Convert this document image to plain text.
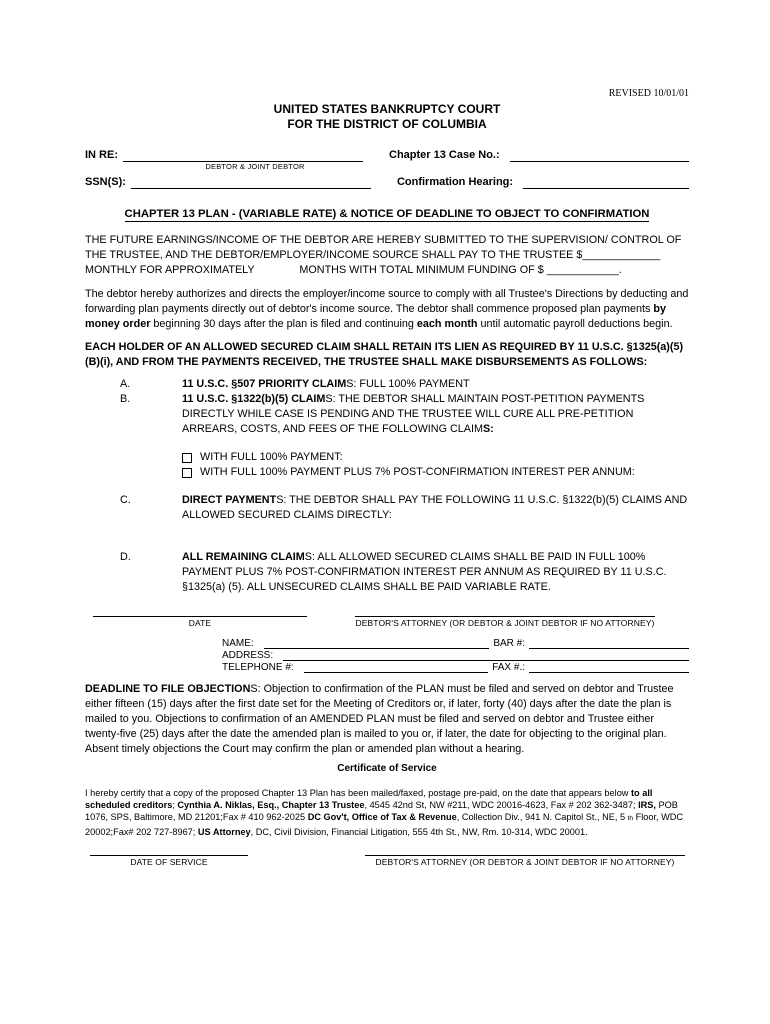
REVISED 10/01/01
UNITED STATES BANKRUPTCY COURT
FOR THE DISTRICT OF COLUMBIA
IN RE:	Chapter 13 Case No.:
DEBTOR & JOINT DEBTOR
SSN(S):	Confirmation Hearing:
CHAPTER 13 PLAN - (VARIABLE RATE) & NOTICE OF DEADLINE TO OBJECT TO CONFIRMATION

THE FUTURE EARNINGS/INCOME OF THE DEBTOR ARE HEREBY SUBMITTED TO THE SUPERVISION/ CONTROL OF THE TRUSTEE, AND THE DEBTOR/EMPLOYER/INCOME SOURCE SHALL PAY TO THE TRUSTEE $_____________ MONTHLY FOR APPROXIMATELY               MONTHS WITH TOTAL MINIMUM FUNDING OF $ ____________.

The debtor hereby authorizes and directs the employer/income source to comply with all Trustee's Directions by deducting and forwarding plan payments directly out of debtor's income source. The debtor shall commence proposed plan payments by money order beginning 30 days after the plan is filed and continuing each month until automatic payroll deductions begin.

EACH HOLDER OF AN ALLOWED SECURED CLAIM SHALL RETAIN ITS LIEN AS REQUIRED BY 11 U.S.C. §1325(a)(5)(B)(i), AND FROM THE PAYMENTS RECEIVED, THE TRUSTEE SHALL MAKE DISBURSEMENTS AS FOLLOWS:

A.	11 U.S.C. §507 PRIORITY CLAIMS: FULL 100% PAYMENT
B.	11 U.S.C. §1322(b)(5) CLAIMS: THE DEBTOR SHALL MAINTAIN POST-PETITION PAYMENTS DIRECTLY WHILE CASE IS PENDING AND THE TRUSTEE WILL CURE ALL PRE-PETITION ARREARS, COSTS, AND FEES OF THE FOLLOWING CLAIMS:
WITH FULL 100% PAYMENT:
WITH FULL 100% PAYMENT PLUS 7% POST-CONFIRMATION INTEREST PER ANNUM:
C.	DIRECT PAYMENTS: THE DEBTOR SHALL PAY THE FOLLOWING 11 U.S.C. §1322(b)(5) CLAIMS AND ALLOWED SECURED CLAIMS DIRECTLY:
D.	ALL REMAINING CLAIMS: ALL ALLOWED SECURED CLAIMS SHALL BE PAID IN FULL 100% PAYMENT PLUS 7% POST-CONFIRMATION INTEREST PER ANNUM AS REQUIRED BY 11 U.S.C. §1325(a) (5). ALL UNSECURED CLAIMS SHALL BE PAID VARIABLE RATE.
DATE	DEBTOR'S ATTORNEY (OR DEBTOR & JOINT DEBTOR IF NO ATTORNEY)
NAME:	BAR #:
ADDRESS:
TELEPHONE #:	FAX #.:

DEADLINE TO FILE OBJECTIONS: Objection to confirmation of the PLAN must be filed and served on debtor and Trustee either fifteen (15) days after the first date set for the Meeting of Creditors or, if later, forty (40) days after the date the plan is mailed to you. Objections to confirmation of an AMENDED PLAN must be filed and served on debtor and Trustee either twenty-five (25) days after the date the amended plan is mailed to you or, if later, the date for objecting to the original plan. Absent timely objections the Court may confirm the plan or amended plan without a hearing.

Certificate of Service

I hereby certify that a copy of the proposed Chapter 13 Plan has been mailed/faxed, postage pre-paid, on the date that appears below to all scheduled creditors; Cynthia A. Niklas, Esq., Chapter 13 Trustee, 4545 42nd St, NW #211, WDC 20016-4623, Fax # 202 362-3487; IRS, POB 1076, SPS, Baltimore, MD 21201;Fax # 410 962-2025 DC Gov't, Office of Tax & Revenue, Collection Div., 941 N. Capitol St., NE, 5 th Floor, WDC 20002;Fax# 202 727-8967; US Attorney, DC, Civil Division, Financial Litigation, 555 4th St., NW, Rm. 10-314, WDC 20001.

DATE OF SERVICE	DEBTOR'S ATTORNEY (OR DEBTOR & JOINT DEBTOR IF NO ATTORNEY)
